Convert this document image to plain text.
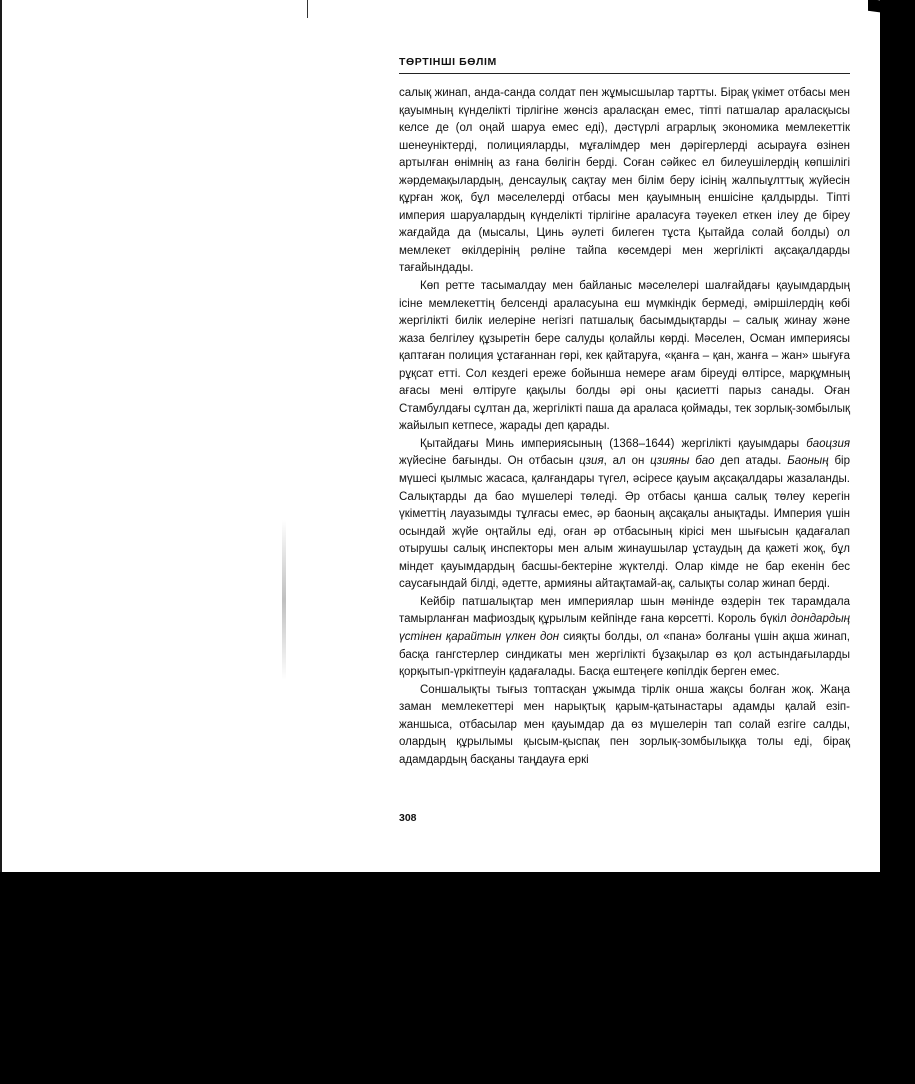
ТӨРТІНШІ БӨЛІМ

салық жинап, анда-санда солдат пен жұмысшылар тартты. Бірақ үкімет отбасы мен қауымның күнделікті тірлігіне жөнсіз араласқан емес, тіпті патшалар араласқысы келсе де (ол оңай шаруа емес еді), дәстүрлі аграрлық экономика мемлекеттік шенеуніктерді, полицияларды, мұғалімдер мен дәрігерлерді асырауға өзінен артылған өнімнің аз ғана бөлігін берді. Соған сәйкес ел билеушілердің көпшілігі жәрдемақылардың, денсаулық сақтау мен білім беру ісінің жалпыұлттық жүйесін құрған жоқ, бұл мәселелерді отбасы мен қауымның еншісіне қалдырды. Тіпті империя шаруалардың күнделікті тірлігіне араласуға тәуекел еткен ілеу де біреу жағдайда да (мысалы, Цинь әулеті билеген тұста Қытайда солай болды) ол мемлекет өкілдерінің рөліне тайпа көсемдері мен жергілікті ақсақалдарды тағайындады.

Көп ретте тасымалдау мен байланыс мәселелері шалғайдағы қауымдардың ісіне мемлекеттің белсенді араласуына еш мүмкіндік бермеді, әміршілердің көбі жергілікті билік иелеріне негізгі патшалық басымдықтарды – салық жинау және жаза белгілеу құзыретін бере салуды қолайлы көрді. Мәселен, Осман империясы қаптаған полиция ұстағаннан гөрі, кек қайтаруға, «қанға – қан, жанға – жан» шығуға рұқсат етті. Сол кездегі ереже бойынша немере ағам біреуді өлтірсе, марқұмның ағасы мені өлтіруге қақылы болды әрі оны қасиетті парыз санады. Оған Стамбулдағы сұлтан да, жергілікті паша да араласа қоймады, тек зорлық-зомбылық жайылып кетпесе, жарады деп қарады.

Қытайдағы Минь империясының (1368–1644) жергілікті қауымдары баоцзия жүйесіне бағынды. Он отбасын цзия, ал он цзияны бао деп атады. Баоның бір мүшесі қылмыс жасаса, қалғандары түгел, әсіресе қауым ақсақалдары жазаланды. Салықтарды да бао мүшелері төледі. Әр отбасы қанша салық төлеу керегін үкіметтің лауазымды тұлғасы емес, әр баоның ақсақалы анықтады. Империя үшін осындай жүйе оңтайлы еді, оған әр отбасының кірісі мен шығысын қадағалап отырушы салық инспекторы мен алым жинаушылар ұстаудың да қажеті жоқ, бұл міндет қауымдардың басшы-бектеріне жүктелді. Олар кімде не бар екенін бес саусағындай білді, әдетте, армияны айтақтамай-ақ, салықты солар жинап берді.

Кейбір патшалықтар мен империялар шын мәнінде өздерін тек тарамдала тамырланған мафиоздық құрылым кейпінде ғана көрсетті. Король бүкіл дондардың үстінен қарайтын үлкен дон сияқты болды, ол «пана» болғаны үшін ақша жинап, басқа гангстерлер синдикаты мен жергілікті бұзақылар өз қол астындағыларды қорқытып-үркітпеуін қадағалады. Басқа ештеңеге көпілдік берген емес.

Соншалықты тығыз топтасқан ұжымда тірлік онша жақсы болған жоқ. Жаңа заман мемлекеттері мен нарықтық қарым-қатынастары адамды қалай езіп-жаншыса, отбасылар мен қауымдар да өз мүшелерін тап солай езгіге салды, олардың құрылымы қысым-қыспақ пен зорлық-зомбылыққа толы еді, бірақ адамдардың басқаны таңдауға еркі

308
